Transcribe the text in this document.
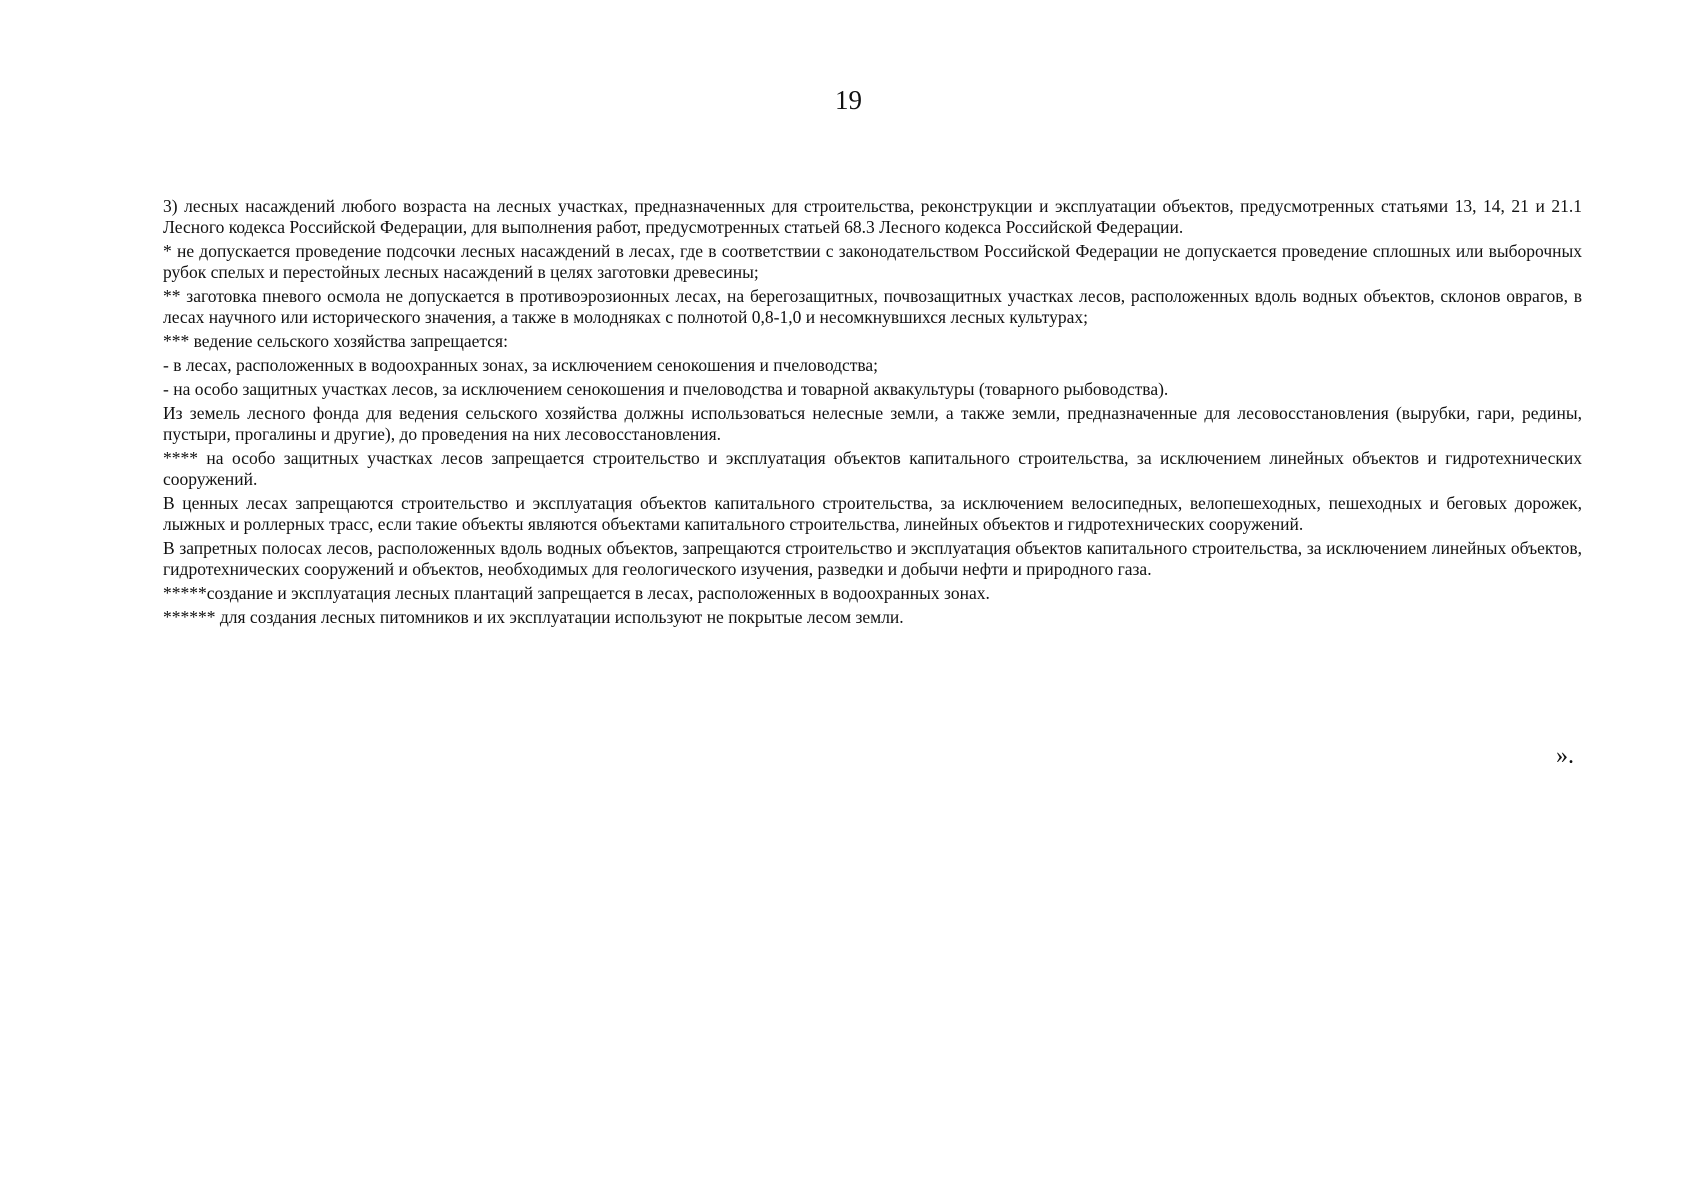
19

3) лесных насаждений любого возраста на лесных участках, предназначенных для строительства, реконструкции и эксплуатации объектов, предусмотренных статьями 13, 14, 21 и 21.1 Лесного кодекса Российской Федерации, для выполнения работ, предусмотренных статьей 68.3 Лесного кодекса Российской Федерации.

* не допускается проведение подсочки лесных насаждений в лесах, где в соответствии с законодательством Российской Федерации не допускается проведение сплошных или выборочных рубок спелых и перестойных лесных насаждений в целях заготовки древесины;

** заготовка пневого осмола не допускается в противоэрозионных лесах, на берегозащитных, почвозащитных участках лесов, расположенных вдоль водных объектов, склонов оврагов, в лесах научного или исторического значения, а также в молодняках с полнотой 0,8-1,0 и несомкнувшихся лесных культурах;

*** ведение сельского хозяйства запрещается:

- в лесах, расположенных в водоохранных зонах, за исключением сенокошения и пчеловодства;

- на особо защитных участках лесов, за исключением сенокошения и пчеловодства и товарной аквакультуры (товарного рыбоводства).

Из земель лесного фонда для ведения сельского хозяйства должны использоваться нелесные земли, а также земли, предназначенные для лесовосстановления (вырубки, гари, редины, пустыри, прогалины и другие), до проведения на них лесовосстановления.

**** на особо защитных участках лесов запрещается строительство и эксплуатация объектов капитального строительства, за исключением линейных объектов и гидротехнических сооружений.

В ценных лесах запрещаются строительство и эксплуатация объектов капитального строительства, за исключением велосипедных, велопешеходных, пешеходных и беговых дорожек, лыжных и роллерных трасс, если такие объекты являются объектами капитального строительства, линейных объектов и гидротехнических сооружений.

В запретных полосах лесов, расположенных вдоль водных объектов, запрещаются строительство и эксплуатация объектов капитального строительства, за исключением линейных объектов, гидротехнических сооружений и объектов, необходимых для геологического изучения, разведки и добычи нефти и природного газа.

*****создание и эксплуатация лесных плантаций запрещается в лесах, расположенных в водоохранных зонах.

****** для создания лесных питомников и их эксплуатации используют не покрытые лесом земли.

».
